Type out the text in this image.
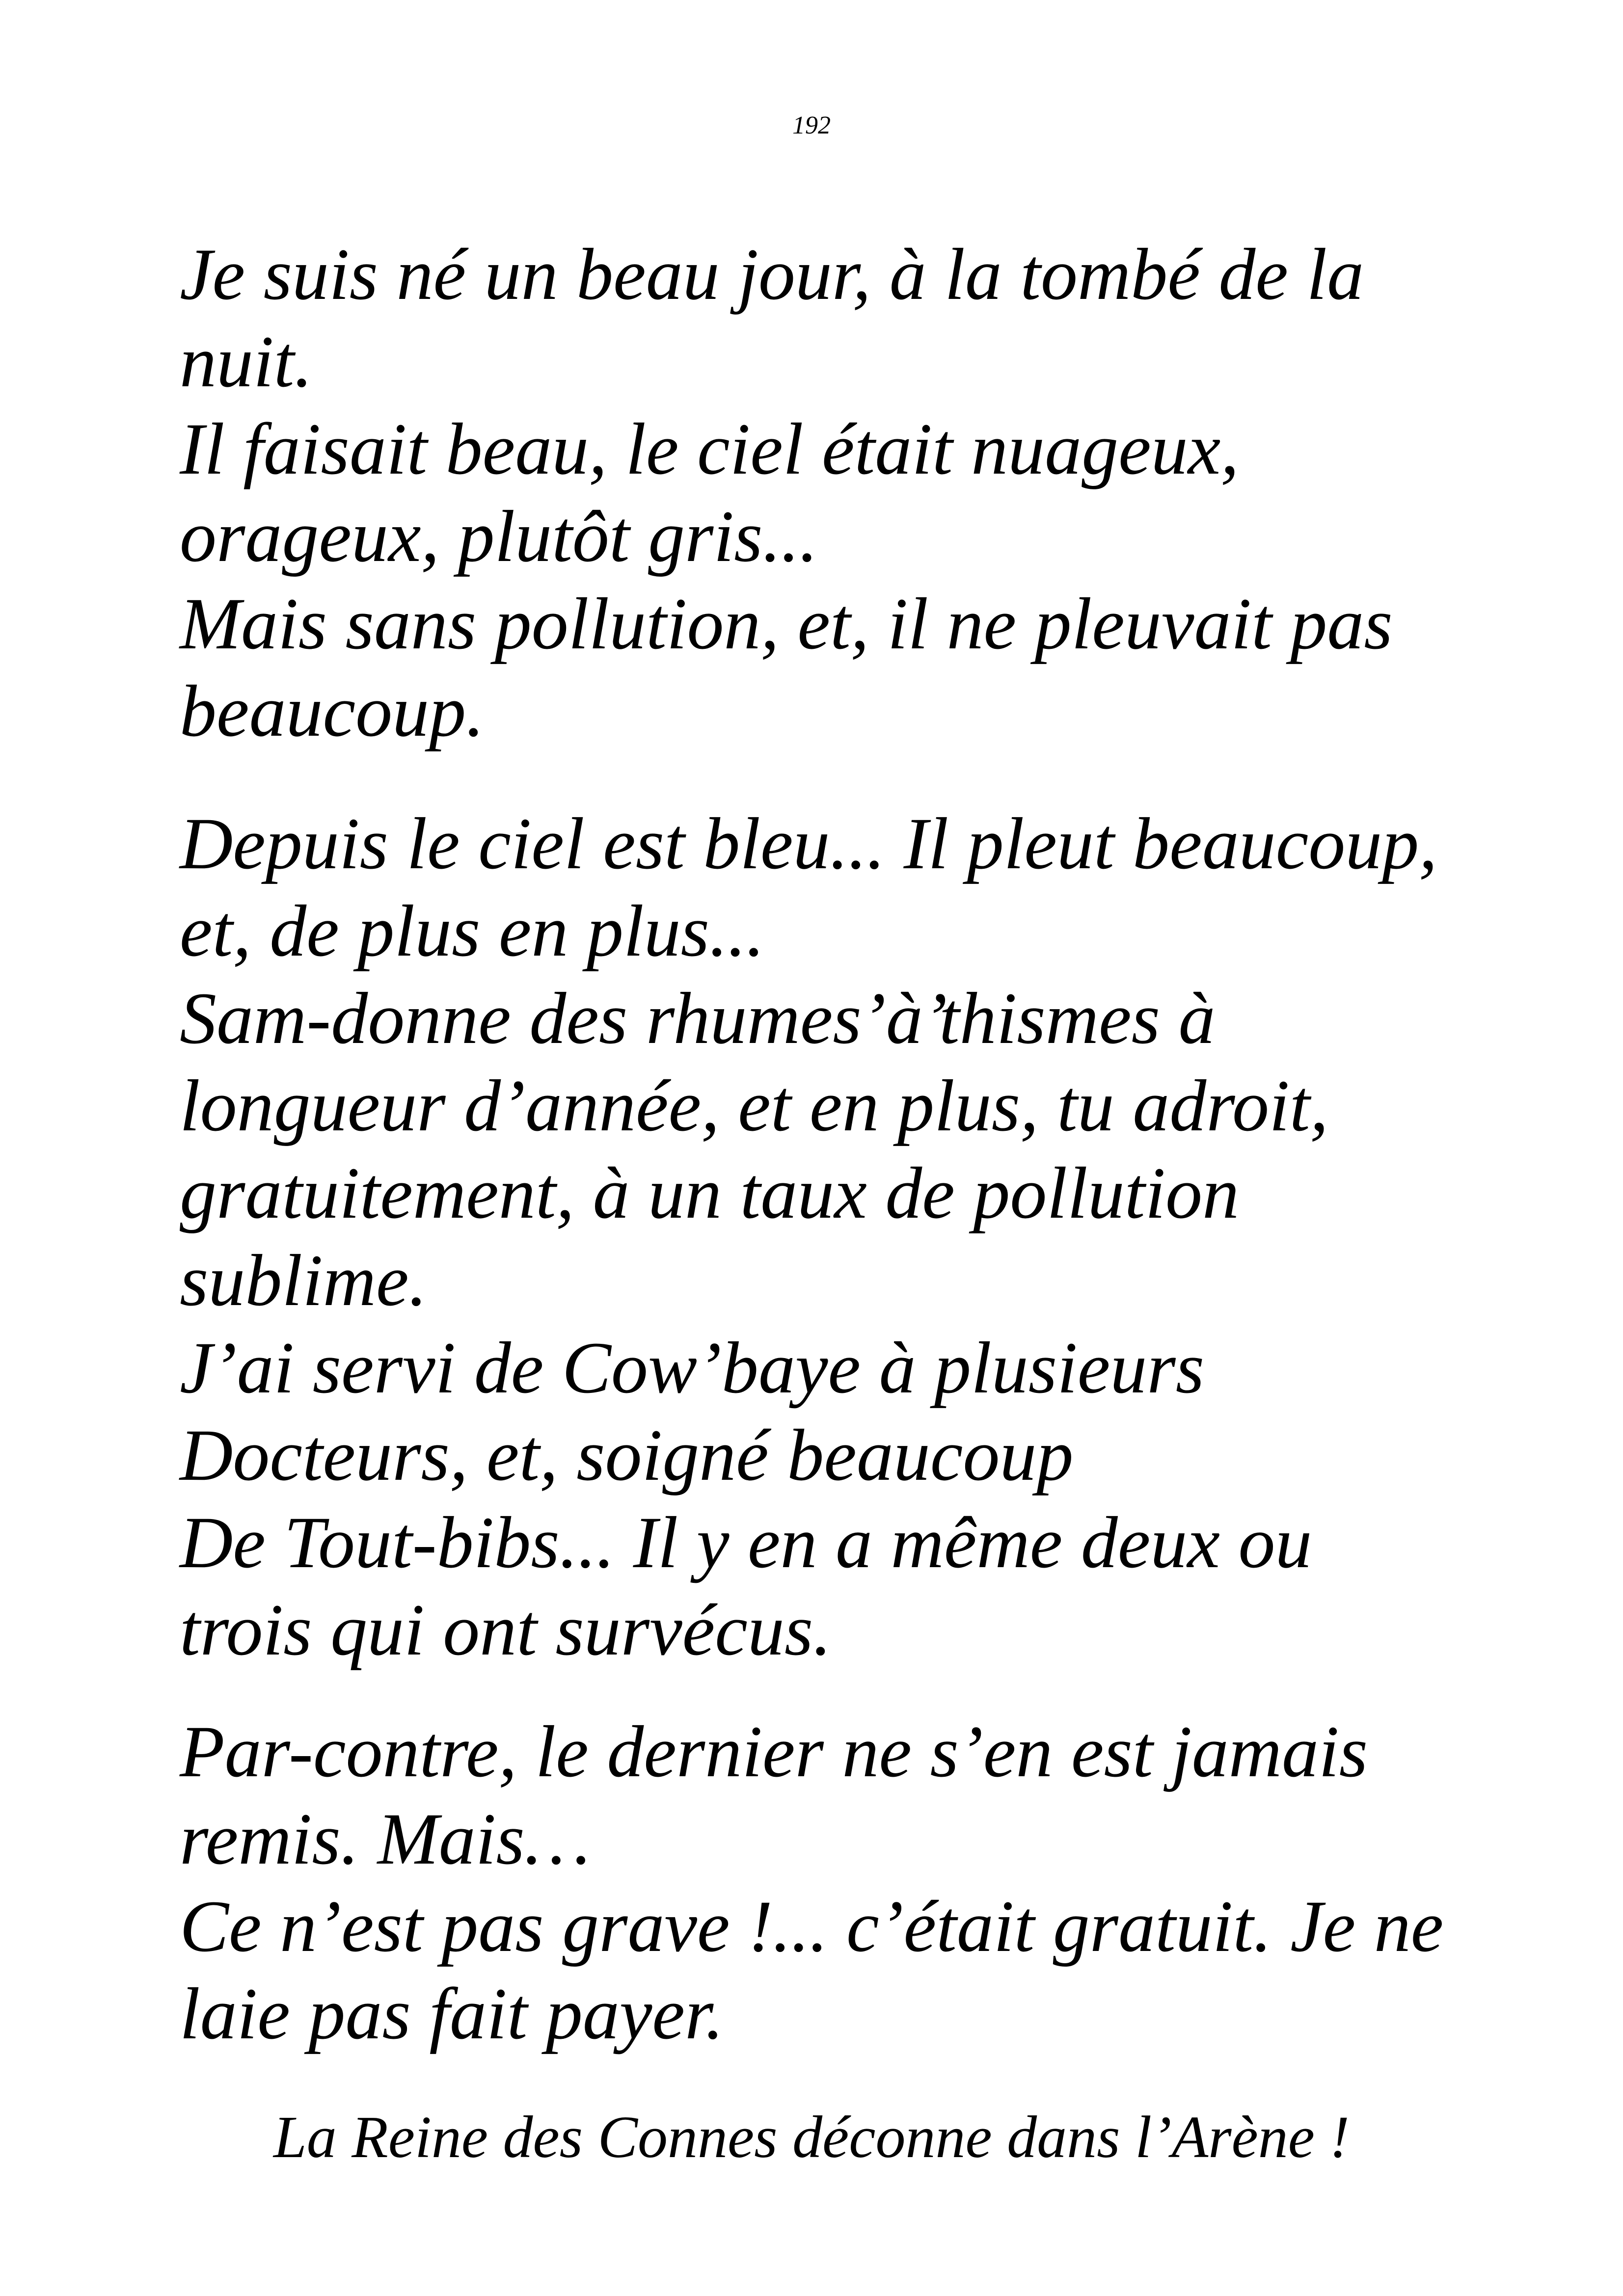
192
Je suis né un beau jour, à la tombé de la
nuit.
Il faisait beau, le ciel était nuageux,
orageux, plutôt gris...
Mais sans pollution, et, il ne pleuvait pas
beaucoup.
Depuis le ciel est bleu... Il pleut beaucoup,
et, de plus en plus...
Sam-donne des rhumes’à’thismes à
longueur d’année, et en plus, tu adroit,
gratuitement, à un taux de pollution
sublime.
J’ai servi de Cow’baye à plusieurs
Docteurs, et, soigné beaucoup
De Tout-bibs... Il y en a même deux ou
trois qui ont survécus.
Par-contre, le dernier ne s’en est jamais
remis. Mais…
Ce n’est pas grave !... c’était gratuit. Je ne
laie pas fait payer.
La Reine des Connes déconne dans l’Arène !
